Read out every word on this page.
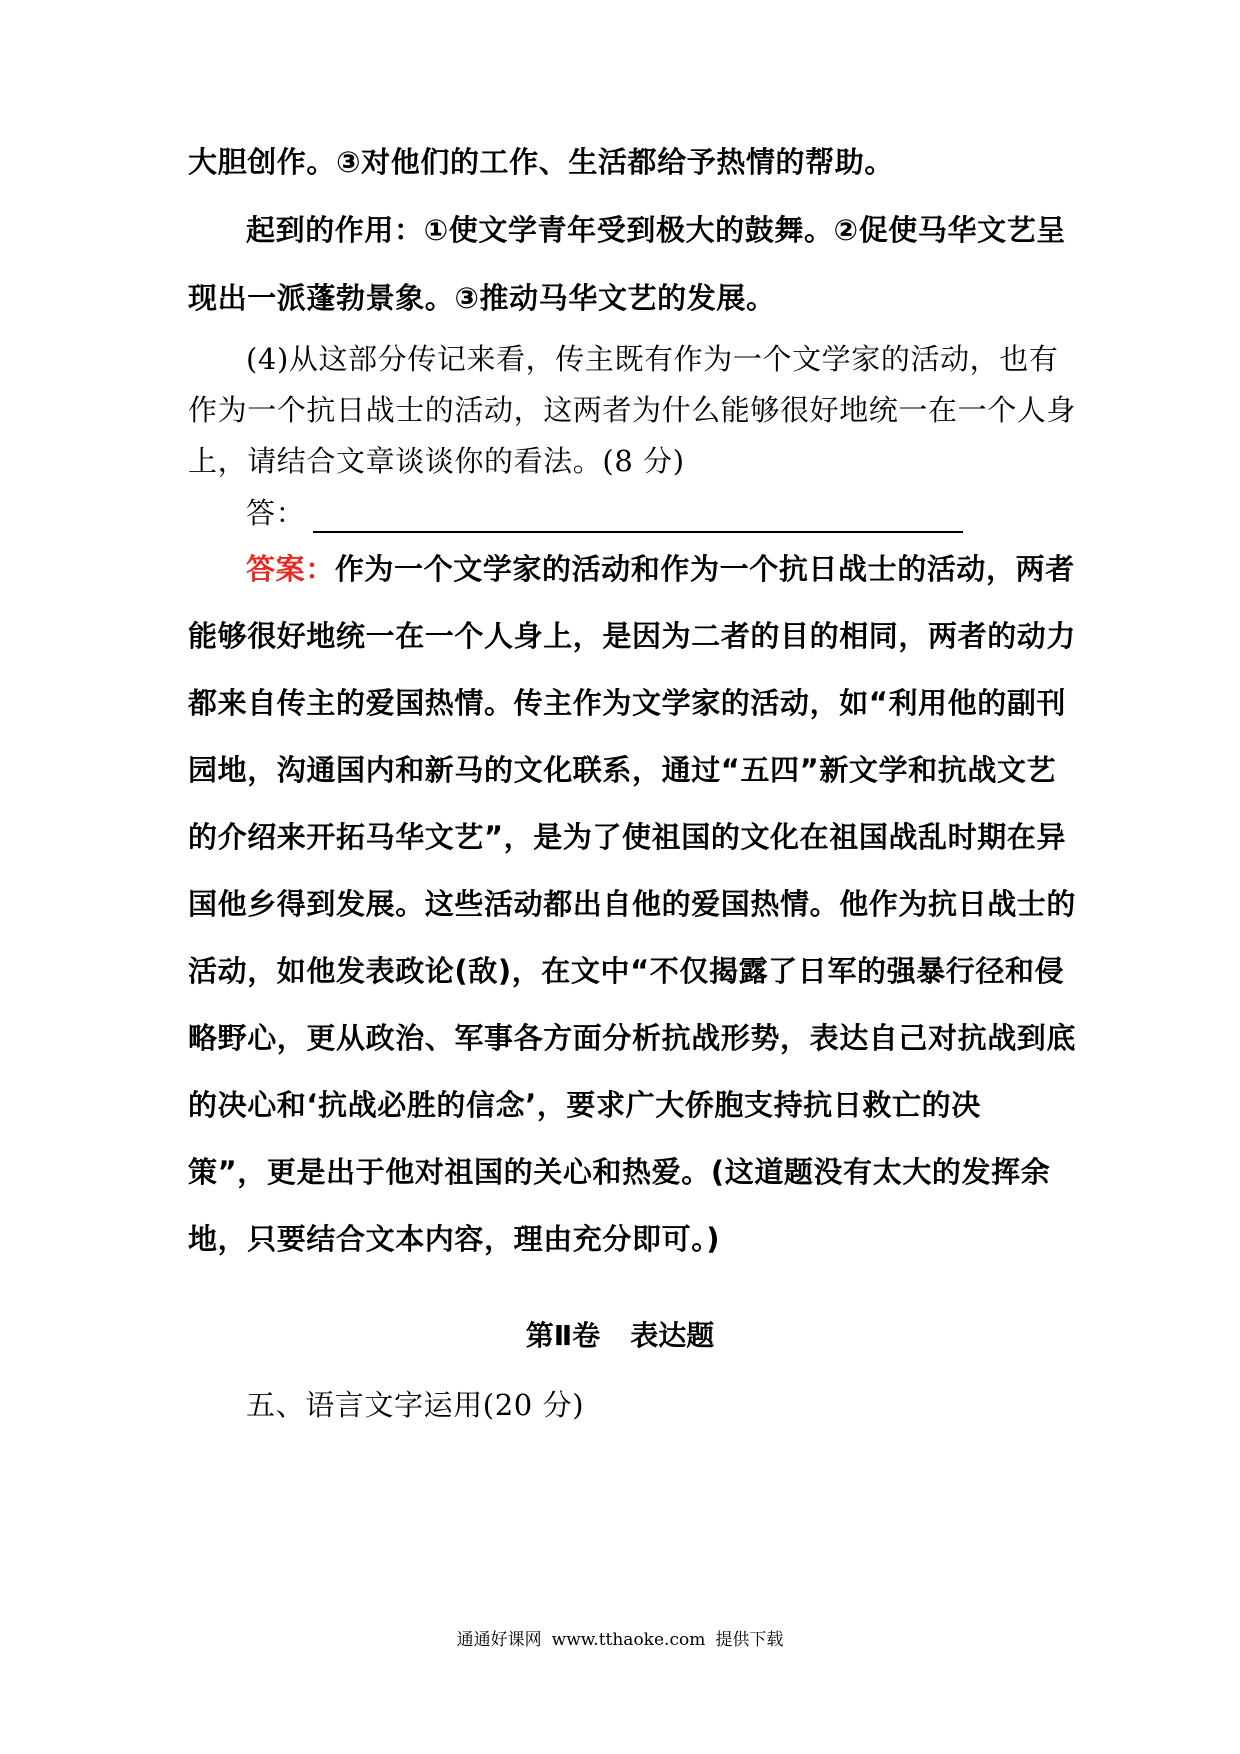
大胆创作。③对他们的工作、生活都给予热情的帮助。
起到的作用：①使文学青年受到极大的鼓舞。②促使马华文艺呈
现出一派蓬勃景象。③推动马华文艺的发展。
(4)从这部分传记来看，传主既有作为一个文学家的活动，也有
作为一个抗日战士的活动，这两者为什么能够很好地统一在一个人身
上，请结合文章谈谈你的看法。(8 分)
答：
答案：作为一个文学家的活动和作为一个抗日战士的活动，两者
能够很好地统一在一个人身上，是因为二者的目的相同，两者的动力
都来自传主的爱国热情。传主作为文学家的活动，如“利用他的副刊
园地，沟通国内和新马的文化联系，通过“五四”新文学和抗战文艺
的介绍来开拓马华文艺”，是为了使祖国的文化在祖国战乱时期在异
国他乡得到发展。这些活动都出自他的爱国热情。他作为抗日战士的
活动，如他发表政论(敌)，在文中“不仅揭露了日军的强暴行径和侵
略野心，更从政治、军事各方面分析抗战形势，表达自己对抗战到底
的决心和‘抗战必胜的信念’，要求广大侨胞支持抗日救亡的决
策”，更是出于他对祖国的关心和热爱。(这道题没有太大的发挥余
地，只要结合文本内容，理由充分即可。)
第Ⅱ卷 表达题
五、语言文字运用(20 分)
通通好课网 www.tthaoke.com 提供下载
